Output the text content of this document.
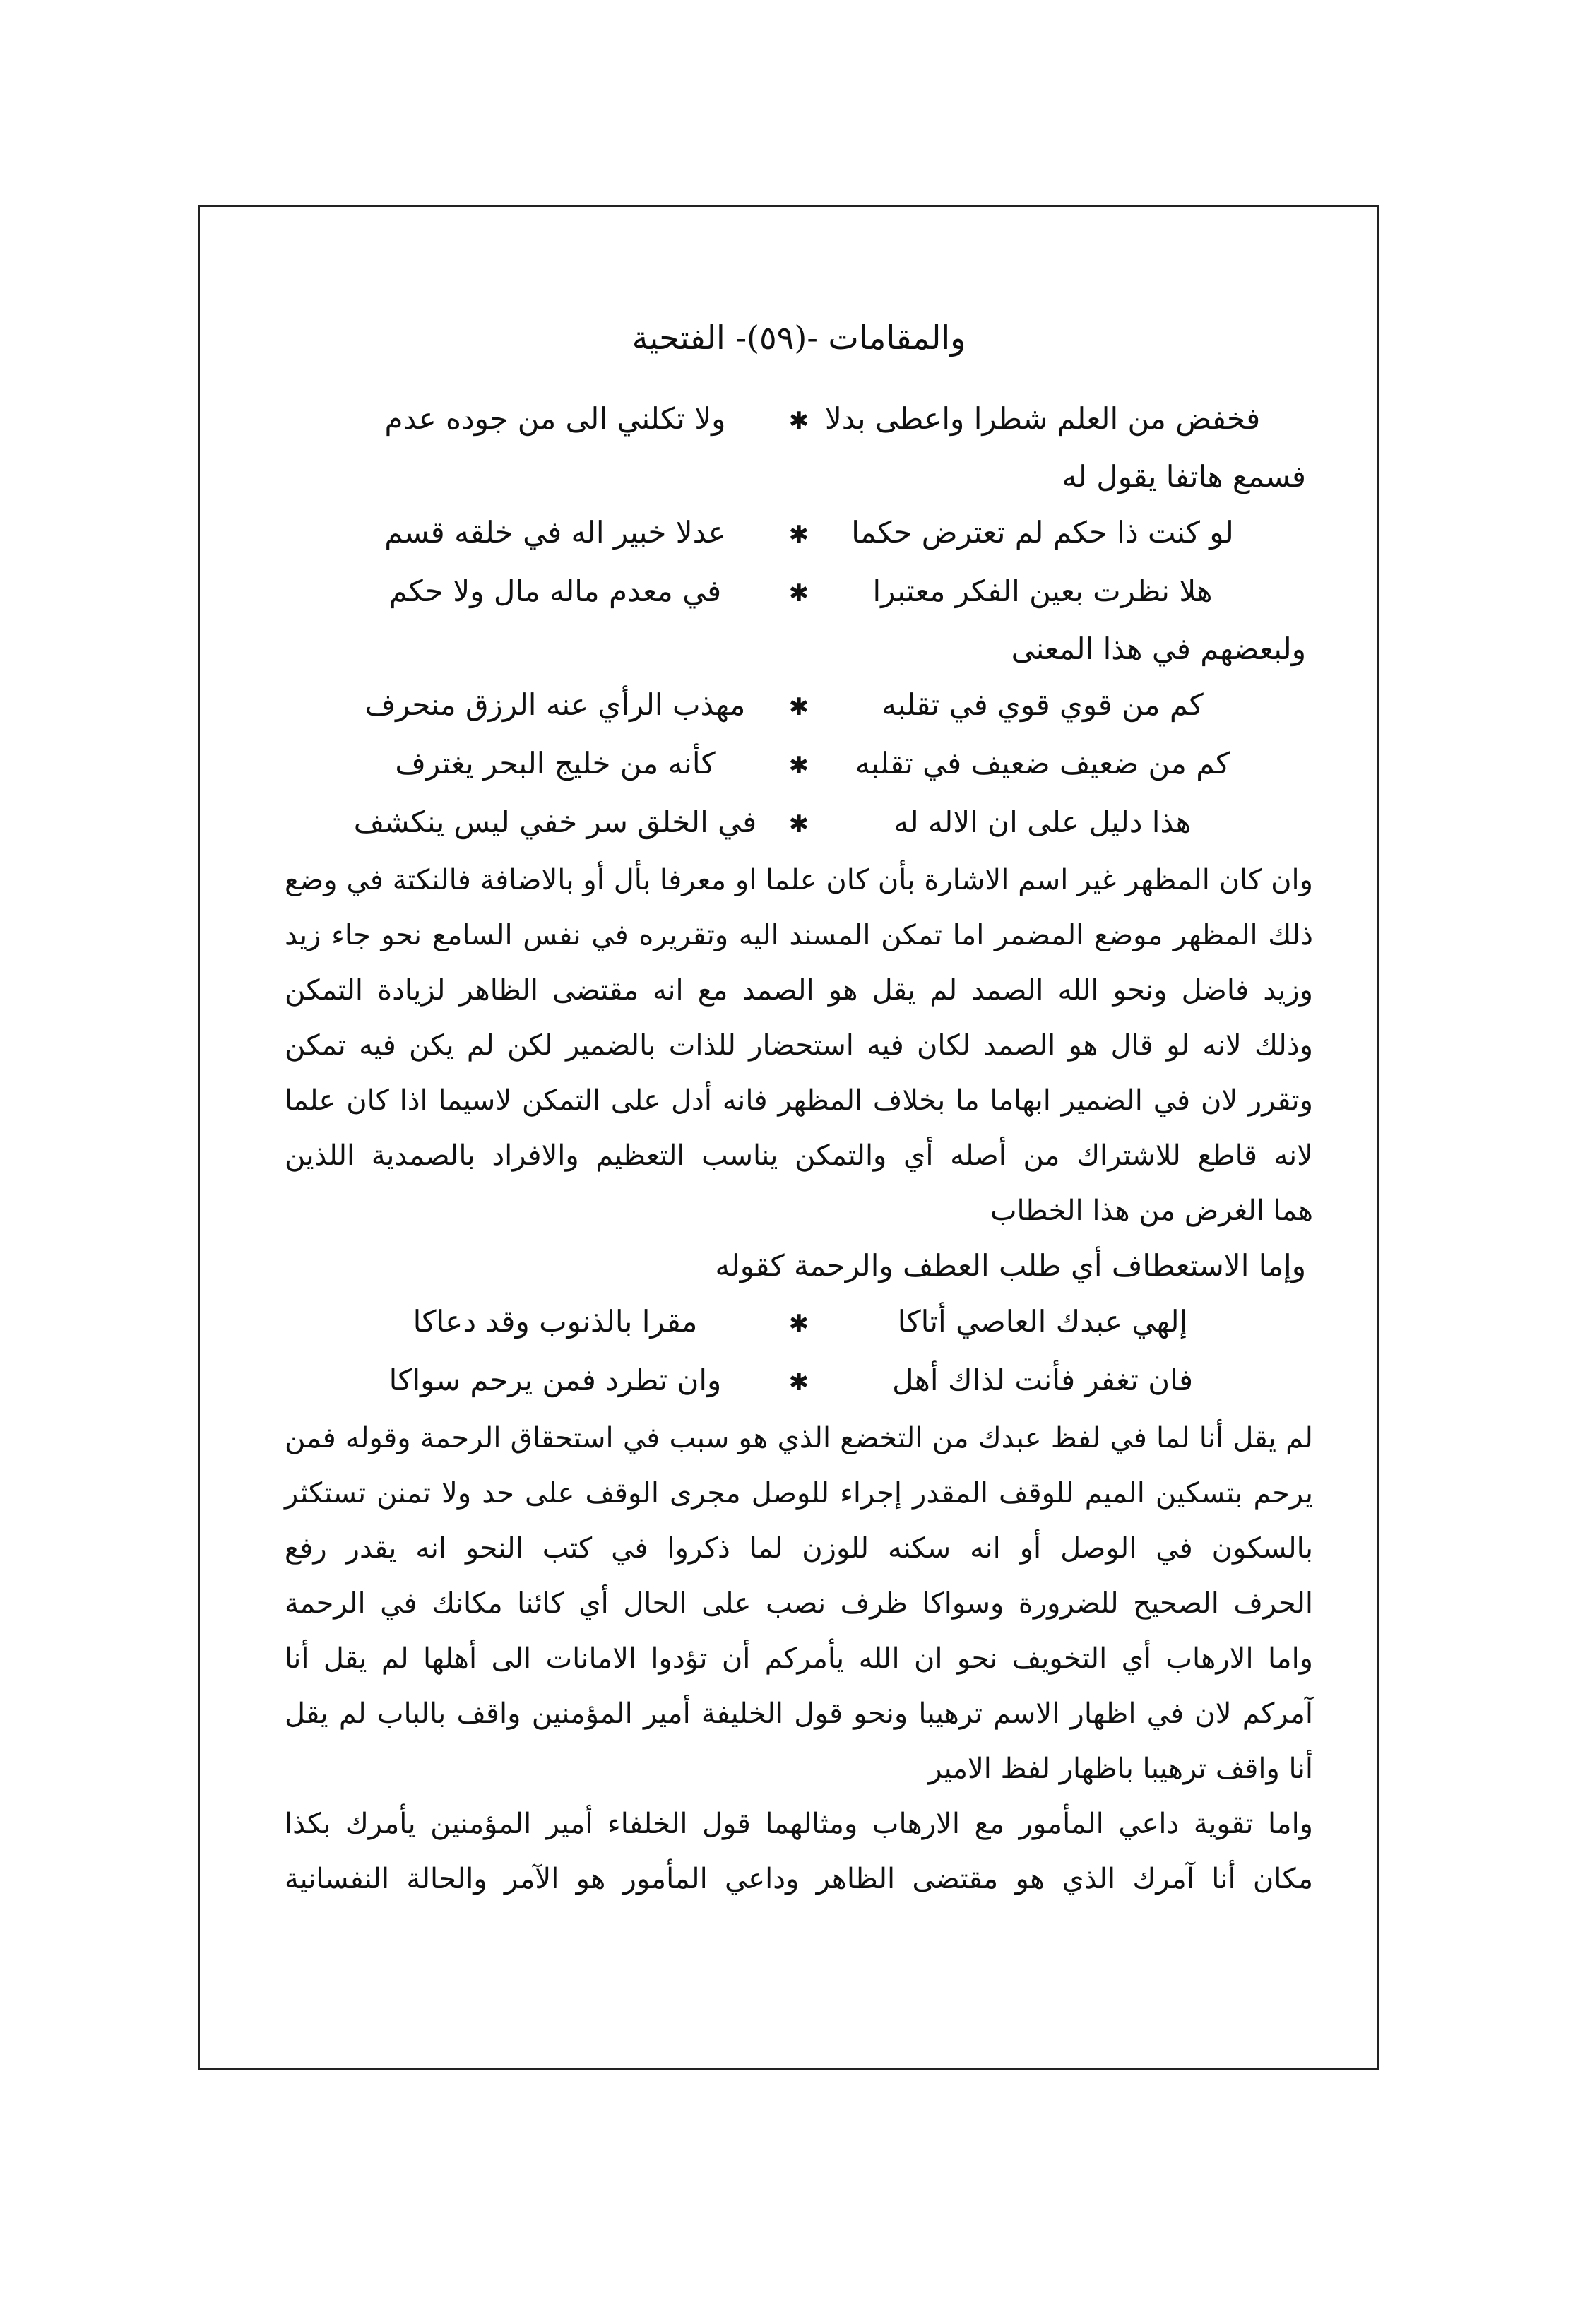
والمقامات -(٥٩)- الفتحية
فخفض من العلم شطرا واعطى بدلا
✱
ولا تكلني الى من جوده عدم
فسمع هاتفا يقول له
لو كنت ذا حكم لم تعترض حكما
✱
عدلا خبير اله في خلقه قسم
هلا نظرت بعين الفكر معتبرا
✱
في معدم ماله مال ولا حكم
ولبعضهم في هذا المعنى
كم من قوي قوي في تقلبه
✱
مهذب الرأي عنه الرزق منحرف
كم من ضعيف ضعيف في تقلبه
✱
كأنه من خليج البحر يغترف
هذا دليل على ان الاله له
✱
في الخلق سر خفي ليس ينكشف
وان كان المظهر غير اسم الاشارة بأن كان علما او معرفا بأل أو بالاضافة فالنكتة في وضع
ذلك المظهر موضع المضمر اما تمكن المسند اليه وتقريره في نفس السامع نحو جاء زيد
وزيد فاضل ونحو الله الصمد لم يقل هو الصمد مع انه مقتضى الظاهر لزيادة التمكن
وذلك لانه لو قال هو الصمد لكان فيه استحضار للذات بالضمير لكن لم يكن فيه تمكن
وتقرر لان في الضمير ابهاما ما بخلاف المظهر فانه أدل على التمكن لاسيما اذا كان علما
لانه قاطع للاشتراك من أصله أي والتمكن يناسب التعظيم والافراد بالصمدية اللذين
هما الغرض من هذا الخطاب
وإما الاستعطاف أي طلب العطف والرحمة كقوله
إلهي عبدك العاصي أتاكا
✱
مقرا بالذنوب وقد دعاكا
فان تغفر فأنت لذاك أهل
✱
وان تطرد فمن يرحم سواكا
لم يقل أنا لما في لفظ عبدك من التخضع الذي هو سبب في استحقاق الرحمة وقوله فمن
يرحم بتسكين الميم للوقف المقدر إجراء للوصل مجرى الوقف على حد ولا تمنن تستكثر
بالسكون في الوصل أو انه سكنه للوزن لما ذكروا في كتب النحو انه يقدر رفع
الحرف الصحيح للضرورة وسواكا ظرف نصب على الحال أي كائنا مكانك في الرحمة
واما الارهاب أي التخويف نحو ان الله يأمركم أن تؤدوا الامانات الى أهلها لم يقل أنا
آمركم لان في اظهار الاسم ترهيبا ونحو قول الخليفة أمير المؤمنين واقف بالباب لم يقل
أنا واقف ترهيبا باظهار لفظ الامير
واما تقوية داعي المأمور مع الارهاب ومثالهما قول الخلفاء أمير المؤمنين يأمرك بكذا
مكان أنا آمرك الذي هو مقتضى الظاهر وداعي المأمور هو الآمر والحالة النفسانية
